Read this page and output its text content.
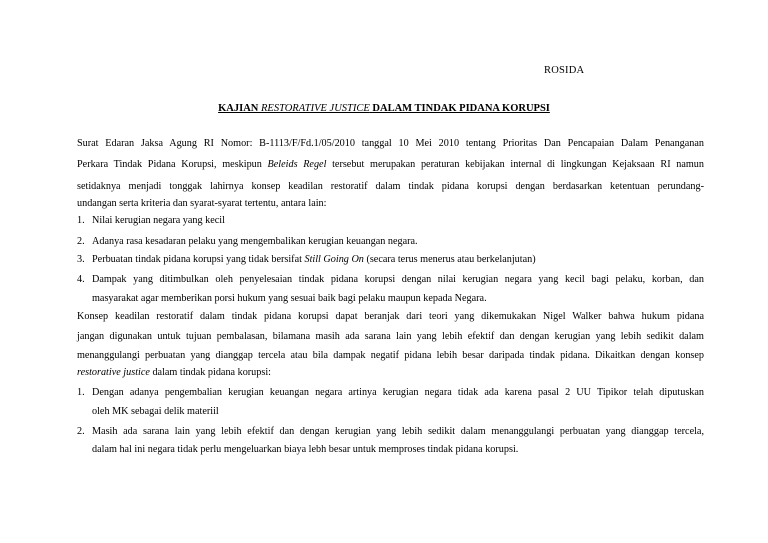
ROSIDA
KAJIAN RESTORATIVE JUSTICE DALAM TINDAK PIDANA KORUPSI
Surat Edaran Jaksa Agung RI Nomor: B-1113/F/Fd.1/05/2010 tanggal 10 Mei 2010 tentang Prioritas Dan Pencapaian Dalam Penanganan
Perkara Tindak Pidana Korupsi, meskipun Beleids Regel tersebut merupakan peraturan kebijakan internal di lingkungan Kejaksaan RI namun
setidaknya menjadi tonggak lahirnya konsep keadilan restoratif dalam tindak pidana korupsi dengan berdasarkan ketentuan perundang-
undangan serta kriteria dan syarat-syarat tertentu, antara lain:
1. Nilai kerugian negara yang kecil
2. Adanya rasa kesadaran pelaku yang mengembalikan kerugian keuangan negara.
3. Perbuatan tindak pidana korupsi yang tidak bersifat Still Going On (secara terus menerus atau berkelanjutan)
4. Dampak yang ditimbulkan oleh penyelesaian tindak pidana korupsi dengan nilai kerugian negara yang kecil bagi pelaku, korban, dan
masyarakat agar memberikan porsi hukum yang sesuai baik bagi pelaku maupun kepada Negara.
Konsep keadilan restoratif dalam tindak pidana korupsi dapat beranjak dari teori yang dikemukakan Nigel Walker bahwa hukum pidana
jangan digunakan untuk tujuan pembalasan, bilamana masih ada sarana lain yang lebih efektif dan dengan kerugian yang lebih sedikit dalam
menanggulangi perbuatan yang dianggap tercela atau bila dampak negatif pidana lebih besar daripada tindak pidana. Dikaitkan dengan konsep
restorative justice dalam tindak pidana korupsi:
1. Dengan adanya pengembalian kerugian keuangan negara artinya kerugian negara tidak ada karena pasal 2 UU Tipikor telah diputuskan
oleh MK sebagai delik materiil
2. Masih ada sarana lain yang lebih efektif dan dengan kerugian yang lebih sedikit dalam menanggulangi perbuatan yang dianggap tercela,
dalam hal ini negara tidak perlu mengeluarkan biaya lebh besar untuk memproses tindak pidana korupsi.
